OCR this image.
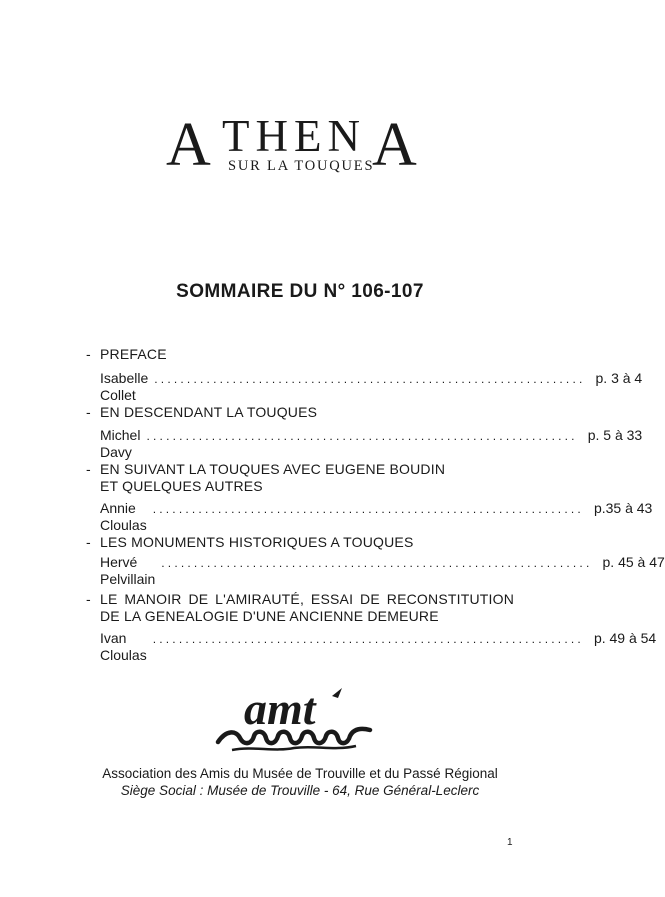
A THEN A
SUR LA TOUQUES
SOMMAIRE DU N° 106-107
- PREFACE
Isabelle Collet
.................................................................. p. 3 à 4
- EN DESCENDANT LA TOUQUES
Michel Davy
.................................................................. p. 5 à 33
- EN SUIVANT LA TOUQUES AVEC EUGENE BOUDIN
ET QUELQUES AUTRES
Annie Cloulas
.................................................................. p.35 à 43
- LES MONUMENTS HISTORIQUES A TOUQUES
Hervé Pelvillain
.................................................................. p. 45 à 47
- LE MANOIR DE L'AMIRAUTÉ, ESSAI DE RECONSTITUTION
DE LA GENEALOGIE D'UNE ANCIENNE DEMEURE
Ivan Cloulas
.................................................................. p. 49 à 54
amt
Association des Amis du Musée de Trouville et du Passé Régional
Siège Social : Musée de Trouville - 64, Rue Général-Leclerc
1
